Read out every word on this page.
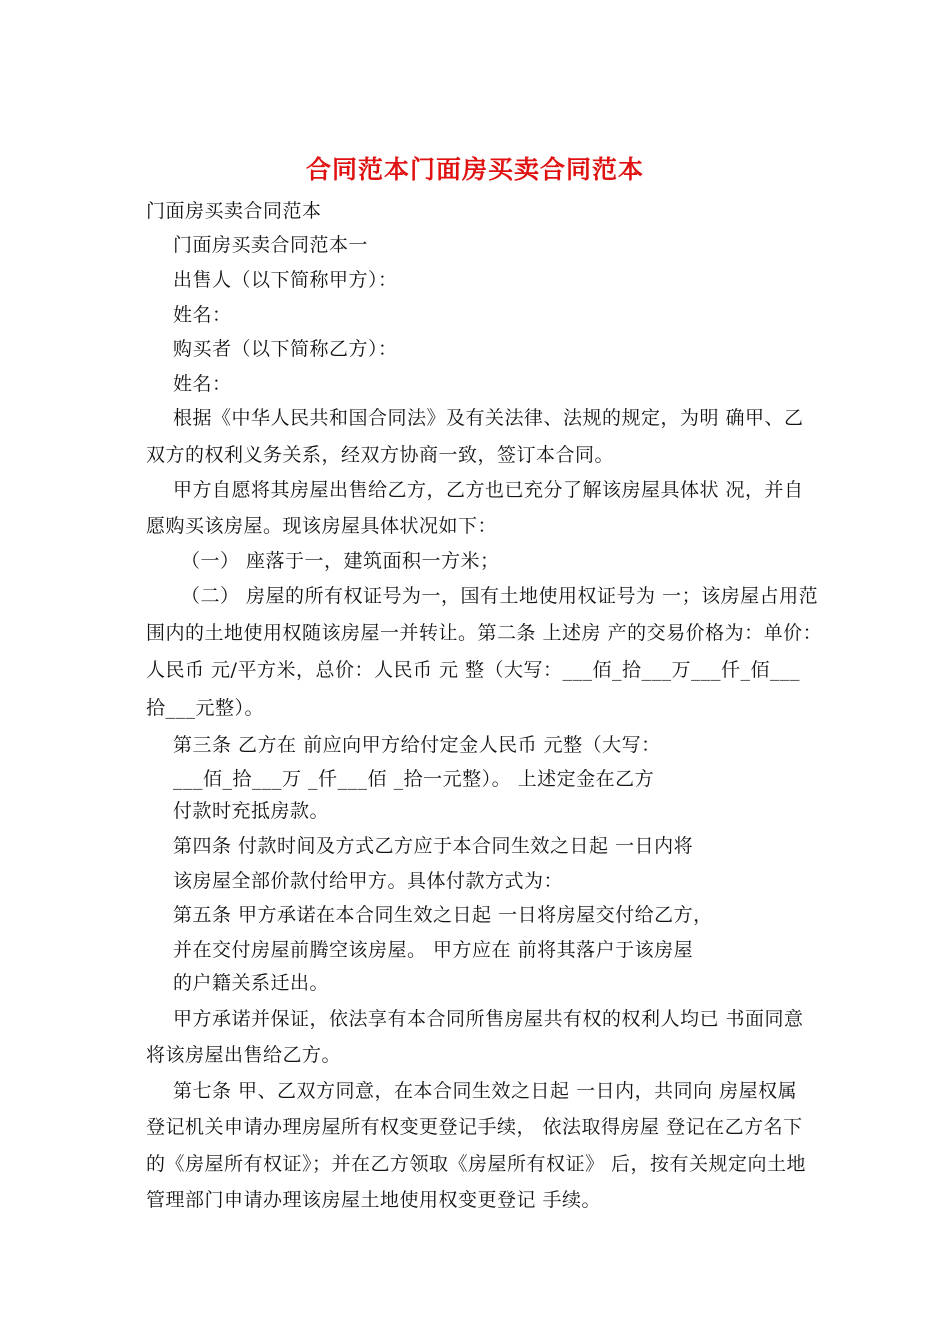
合同范本门面房买卖合同范本
门面房买卖合同范本
门面房买卖合同范本一
出售人（以下简称甲方）：
姓名：
购买者（以下简称乙方）：
姓名：
根据《中华人民共和国合同法》及有关法律、法规的规定，为明 确甲、乙
双方的权利义务关系，经双方协商一致，签订本合同。
甲方自愿将其房屋出售给乙方，乙方也已充分了解该房屋具体状 况，并自
愿购买该房屋。现该房屋具体状况如下：
（一） 座落于一，建筑面积一方米；
（二） 房屋的所有权证号为一，国有土地使用权证号为 一；该房屋占用范
围内的土地使用权随该房屋一并转让。第二条 上述房 产的交易价格为：单价：
人民币 元/平方米，总价：人民币 元 整（大写：___佰_拾___万___仟_佰___
拾___元整）。
第三条 乙方在 前应向甲方给付定金人民币 元整（大写：
___佰_拾___万 _仟___佰 _拾一元整）。 上述定金在乙方
付款时充抵房款。
第四条 付款时间及方式乙方应于本合同生效之日起 一日内将
该房屋全部价款付给甲方。具体付款方式为：
第五条 甲方承诺在本合同生效之日起 一日将房屋交付给乙方，
并在交付房屋前腾空该房屋。 甲方应在 前将其落户于该房屋
的户籍关系迁出。
甲方承诺并保证，依法享有本合同所售房屋共有权的权利人均已 书面同意
将该房屋出售给乙方。
第七条 甲、乙双方同意，在本合同生效之日起 一日内，共同向 房屋权属
登记机关申请办理房屋所有权变更登记手续， 依法取得房屋 登记在乙方名下
的《房屋所有权证》；并在乙方领取《房屋所有权证》 后，按有关规定向土地
管理部门申请办理该房屋土地使用权变更登记 手续。
